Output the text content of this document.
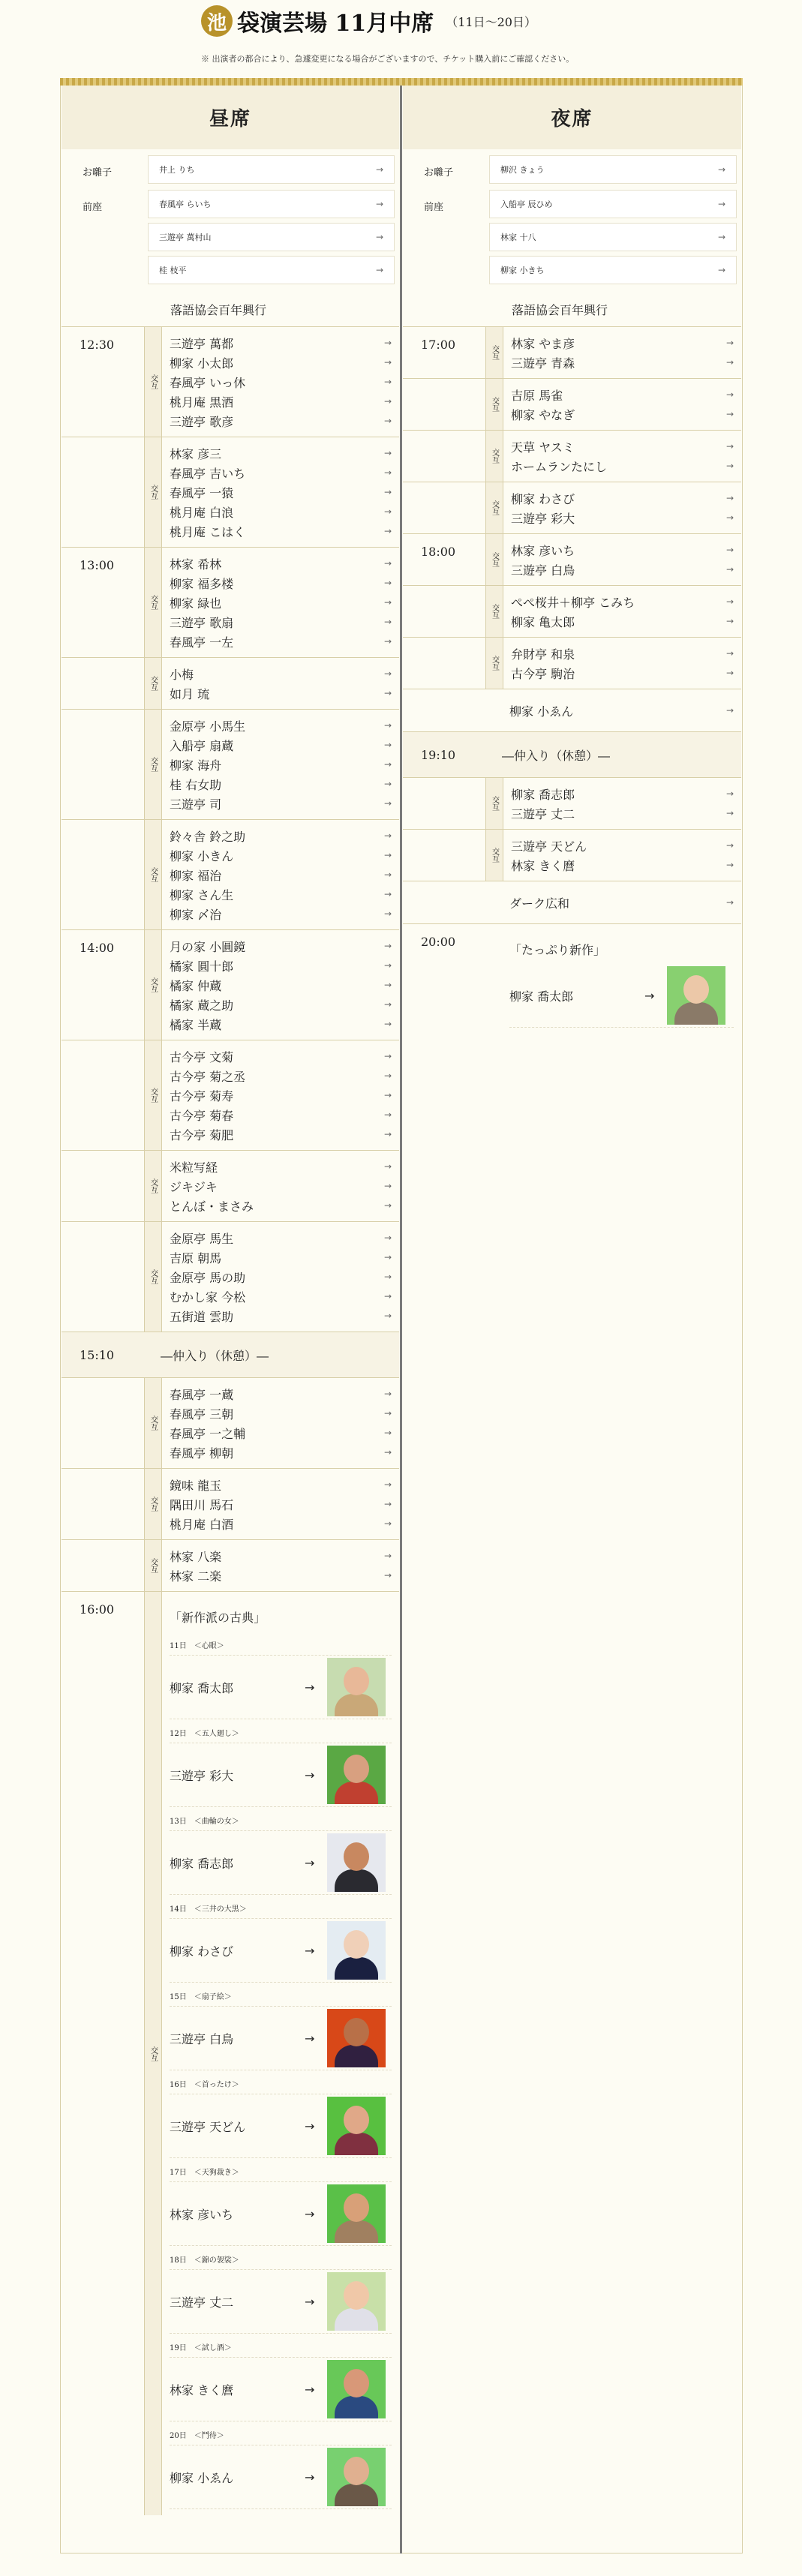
池 袋演芸場 11月中席 （11日〜20日）
※ 出演者の都合により、急遽変更になる場合がございますので、チケット購入前にご確認ください。
昼席
お囃子	井上 りち	→
前座	春風亭 らいち	→
三遊亭 萬村山	→
桂 枝平	→
落語協会百年興行
12:30
交互
三遊亭 萬都	→
柳家 小太郎	→
春風亭 いっ休	→
桃月庵 黒酒	→
三遊亭 歌彦	→
交互
林家 彦三	→
春風亭 吉いち	→
春風亭 一猿	→
桃月庵 白浪	→
桃月庵 こはく	→
13:00
交互
林家 希林	→
柳家 福多楼	→
柳家 緑也	→
三遊亭 歌扇	→
春風亭 一左	→
交互
小梅	→
如月 琉	→
交互
金原亭 小馬生	→
入船亭 扇蔵	→
柳家 海舟	→
桂 右女助	→
三遊亭 司	→
交互
鈴々舎 鈴之助	→
柳家 小きん	→
柳家 福治	→
柳家 さん生	→
柳家 〆治	→
14:00
交互
月の家 小圓鏡	→
橘家 圓十郎	→
橘家 仲蔵	→
橘家 蔵之助	→
橘家 半蔵	→
交互
古今亭 文菊	→
古今亭 菊之丞	→
古今亭 菊寿	→
古今亭 菊春	→
古今亭 菊肥	→
交互
米粒写経	→
ジキジキ	→
とんぼ・まさみ	→
交互
金原亭 馬生	→
吉原 朝馬	→
金原亭 馬の助	→
むかし家 今松	→
五街道 雲助	→
15:10	―仲入り（休憩）―
交互
春風亭 一蔵	→
春風亭 三朝	→
春風亭 一之輔	→
春風亭 柳朝	→
交互
鏡味 龍玉	→
隅田川 馬石	→
桃月庵 白酒	→
交互
林家 八楽	→
林家 二楽	→
16:00
交互
「新作派の古典」
11日　＜心眼＞
柳家 喬太郎	→
12日　＜五人廻し＞
三遊亭 彩大	→
13日　＜曲輪の女＞
柳家 喬志郎	→
14日　＜三井の大黒＞
柳家 わさび	→
15日　＜扇子絵＞
三遊亭 白鳥	→
16日　＜首ったけ＞
三遊亭 天どん	→
17日　＜天狗裁き＞
林家 彦いち	→
18日　＜錦の袈裟＞
三遊亭 丈二	→
19日　＜試し酒＞
林家 きく麿	→
20日　＜鬥待＞
柳家 小ゑん	→
夜席
お囃子	柳沢 きょう	→
前座	入船亭 辰ひめ	→
林家 十八	→
柳家 小きち	→
落語協会百年興行
17:00
交互
林家 やま彦	→
三遊亭 青森	→
交互
吉原 馬雀	→
柳家 やなぎ	→
交互
天草 ヤスミ	→
ホームランたにし	→
交互
柳家 わさび	→
三遊亭 彩大	→
18:00
交互
林家 彦いち	→
三遊亭 白鳥	→
交互
ぺぺ桜井＋柳亭 こみち	→
柳家 亀太郎	→
交互
弁財亭 和泉	→
古今亭 駒治	→
柳家 小ゑん	→
19:10	―仲入り（休憩）―
交互
柳家 喬志郎	→
三遊亭 丈二	→
交互
三遊亭 天どん	→
林家 きく麿	→
ダーク広和	→
20:00
「たっぷり新作」
柳家 喬太郎	→
